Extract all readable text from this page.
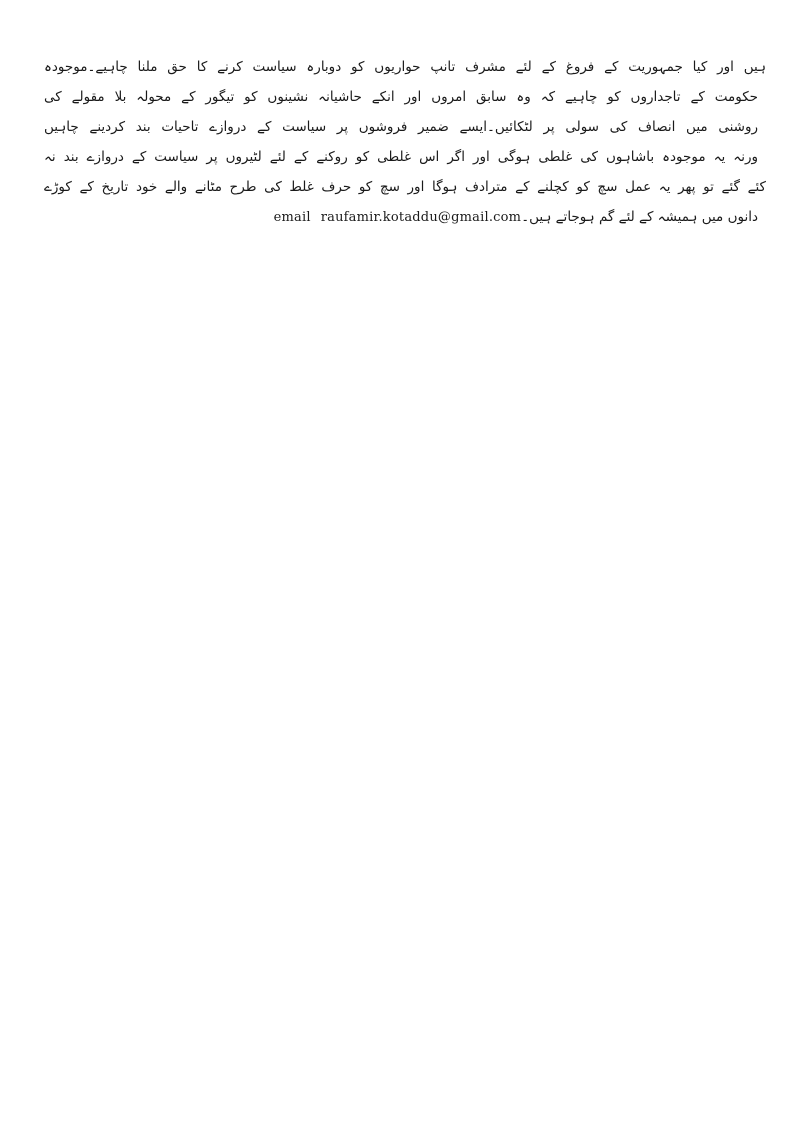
ہیں اور کیا جمہوریت کے فروغ کے لئے مشرف تانپ حواریوں کو دوبارہ سیاست کرنے کا حق ملنا چاہیے۔موجودہ
حکومت کے تاجداروں کو چاہیے کہ وہ سابق امروں اور انکے حاشیانہ نشینوں کو تیگور کے محولہ بلا مقولے کی
روشنی میں انصاف کی سولی پر لٹکائیں۔ایسے ضمیر فروشوں پر سیاست کے دروازے تاحیات بند کردینے چاہیں
ورنہ یہ موجودہ باشاہوں کی غلطی ہوگی اور اگر اس غلطی کو روکنے کے لئے لٹیروں پر سیاست کے دروازے بند نہ
کئے گئے تو پھر یہ عمل سچ کو کچلنے کے مترادف ہوگا اور سچ کو حرف غلط کی طرح مٹانے والے خود تاریخ کے کوڑے
دانوں میں ہمیشہ کے لئے گم ہوجاتے ہیں۔raufamir.kotaddu@gmail.comemail
